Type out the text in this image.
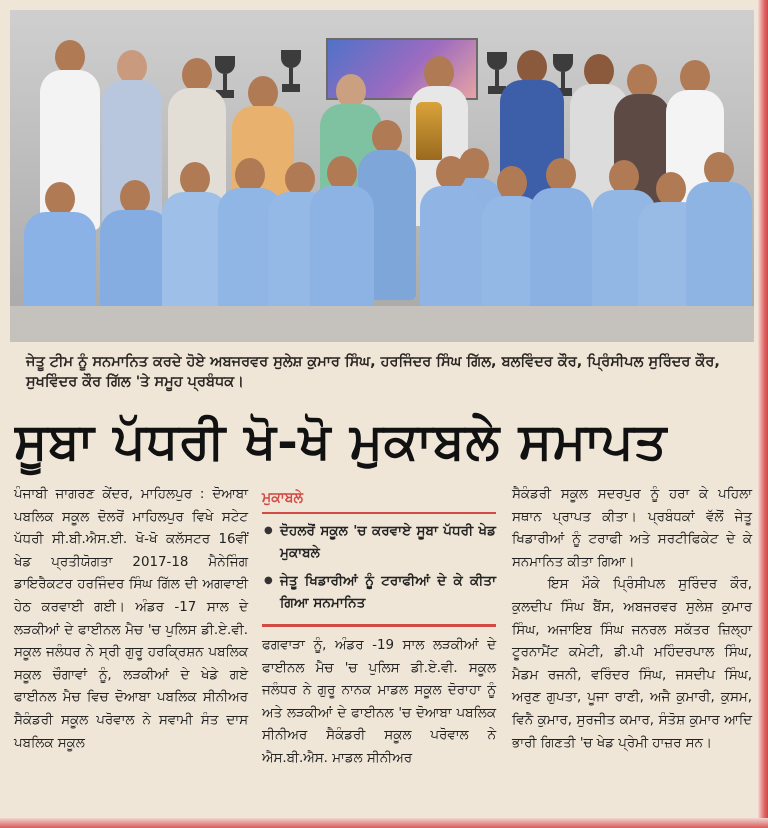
ਜੇਤੂ ਟੀਮ ਨੂੰ ਸਨਮਾਨਿਤ ਕਰਦੇ ਹੋਏ ਅਬਜਰਵਰ ਸੁਲੇਸ਼ ਕੁਮਾਰ ਸਿੰਘ, ਹਰਜਿੰਦਰ ਸਿੰਘ ਗਿੱਲ, ਬਲਵਿੰਦਰ ਕੌਰ, ਪ੍ਰਿੰਸੀਪਲ ਸੁਰਿੰਦਰ ਕੌਰ, ਸੁਖਵਿੰਦਰ ਕੌਰ ਗਿੱਲ 'ਤੇ ਸਮੂਹ ਪ੍ਰਬੰਧਕ।
ਸੂਬਾ ਪੱਧਰੀ ਖੋ-ਖੋ ਮੁਕਾਬਲੇ ਸਮਾਪਤ
ਪੰਜਾਬੀ ਜਾਗਰਣ ਕੇਂਦਰ, ਮਾਹਿਲਪੁਰ : ਦੋਆਬਾ ਪਬਲਿਕ ਸਕੂਲ ਦੋਲਰੋਂ ਮਾਹਿਲਪੁਰ ਵਿਖੇ ਸਟੇਟ ਪੱਧਰੀ ਸੀ.ਬੀ.ਐਸ.ਈ. ਖੋ-ਖੋ ਕਲੱਸਟਰ 16ਵੀਂ ਖੇਡ ਪ੍ਰਤੀਯੋਗਤਾ 2017-18 ਮੈਨੇਜਿੰਗ ਡਾਇਰੈਕਟਰ ਹਰਜਿੰਦਰ ਸਿੰਘ ਗਿੱਲ ਦੀ ਅਗਵਾਈ ਹੇਠ ਕਰਵਾਈ ਗਈ। ਅੰਡਰ -17 ਸਾਲ ਦੇ ਲੜਕੀਆਂ ਦੇ ਫਾਈਨਲ ਮੈਚ 'ਚ ਪੁਲਿਸ ਡੀ.ਏ.ਵੀ. ਸਕੂਲ ਜਲੰਧਰ ਨੇ ਸ੍ਰੀ ਗੁਰੂ ਹਰਕ੍ਰਿਸ਼ਨ ਪਬਲਿਕ ਸਕੂਲ ਚੌਗਾਵਾਂ ਨੂੰ, ਲੜਕੀਆਂ ਦੇ ਖੇਡੇ ਗਏ ਫਾਈਨਲ ਮੈਚ ਵਿਚ ਦੋਆਬਾ ਪਬਲਿਕ ਸੀਨੀਅਰ ਸੈਕੰਡਰੀ ਸਕੂਲ ਪਰੋਵਾਲ ਨੇ ਸਵਾਮੀ ਸੰਤ ਦਾਸ ਪਬਲਿਕ ਸਕੂਲ
ਮੁਕਾਬਲੇ
● ਦੋਹਲਰੋਂ ਸਕੂਲ 'ਚ ਕਰਵਾਏ ਸੂਬਾ ਪੱਧਰੀ ਖੇਡ ਮੁਕਾਬਲੇ
● ਜੇਤੂ ਖਿਡਾਰੀਆਂ ਨੂੰ ਟਰਾਫੀਆਂ ਦੇ ਕੇ ਕੀਤਾ ਗਿਆ ਸਨਮਾਨਿਤ
ਫਗਵਾੜਾ ਨੂੰ, ਅੰਡਰ -19 ਸਾਲ ਲੜਕੀਆਂ ਦੇ ਫਾਈਨਲ ਮੈਚ 'ਚ ਪੁਲਿਸ ਡੀ.ਏ.ਵੀ. ਸਕੂਲ ਜਲੰਧਰ ਨੇ ਗੁਰੂ ਨਾਨਕ ਮਾਡਲ ਸਕੂਲ ਦੋਰਾਹਾ ਨੂੰ ਅਤੇ ਲੜਕੀਆਂ ਦੇ ਫਾਈਨਲ 'ਚ ਦੋਆਬਾ ਪਬਲਿਕ ਸੀਨੀਅਰ ਸੈਕੰਡਰੀ ਸਕੂਲ ਪਰੋਵਾਲ ਨੇ ਐਸ.ਬੀ.ਐਸ. ਮਾਡਲ ਸੀਨੀਅਰ
ਸੈਕੰਡਰੀ ਸਕੂਲ ਸਦਰਪੁਰ ਨੂੰ ਹਰਾ ਕੇ ਪਹਿਲਾ ਸਥਾਨ ਪ੍ਰਾਪਤ ਕੀਤਾ। ਪ੍ਰਬੰਧਕਾਂ ਵੱਲੋਂ ਜੇਤੂ ਖਿਡਾਰੀਆਂ ਨੂੰ ਟਰਾਫੀ ਅਤੇ ਸਰਟੀਫਿਕੇਟ ਦੇ ਕੇ ਸਨਮਾਨਿਤ ਕੀਤਾ ਗਿਆ।
ਇਸ ਮੌਕੇ ਪ੍ਰਿੰਸੀਪਲ ਸੁਰਿੰਦਰ ਕੌਰ, ਕੁਲਦੀਪ ਸਿੰਘ ਬੈਂਸ, ਅਬਜਰਵਰ ਸੁਲੇਸ਼ ਕੁਮਾਰ ਸਿੰਘ, ਅਜਾਇਬ ਸਿੰਘ ਜਨਰਲ ਸਕੱਤਰ ਜ਼ਿਲ੍ਹਾ ਟੂਰਨਾਮੈਂਟ ਕਮੇਟੀ, ਡੀ.ਪੀ ਮਹਿੰਦਰਪਾਲ ਸਿੰਘ, ਮੈਡਮ ਰਜਨੀ, ਵਰਿੰਦਰ ਸਿੰਘ, ਜਸਦੀਪ ਸਿੰਘ, ਅਰੁਣ ਗੁਪਤਾ, ਪੂਜਾ ਰਾਣੀ, ਅਜੈ ਕੁਮਾਰੀ, ਕੁਸਮ, ਵਿਨੈ ਕੁਮਾਰ, ਸੁਰਜੀਤ ਕਮਾਰ, ਸੰਤੋਸ਼ ਕੁਮਾਰ ਆਦਿ ਭਾਰੀ ਗਿਣਤੀ 'ਚ ਖੇਡ ਪ੍ਰੇਮੀ ਹਾਜ਼ਰ ਸਨ।
